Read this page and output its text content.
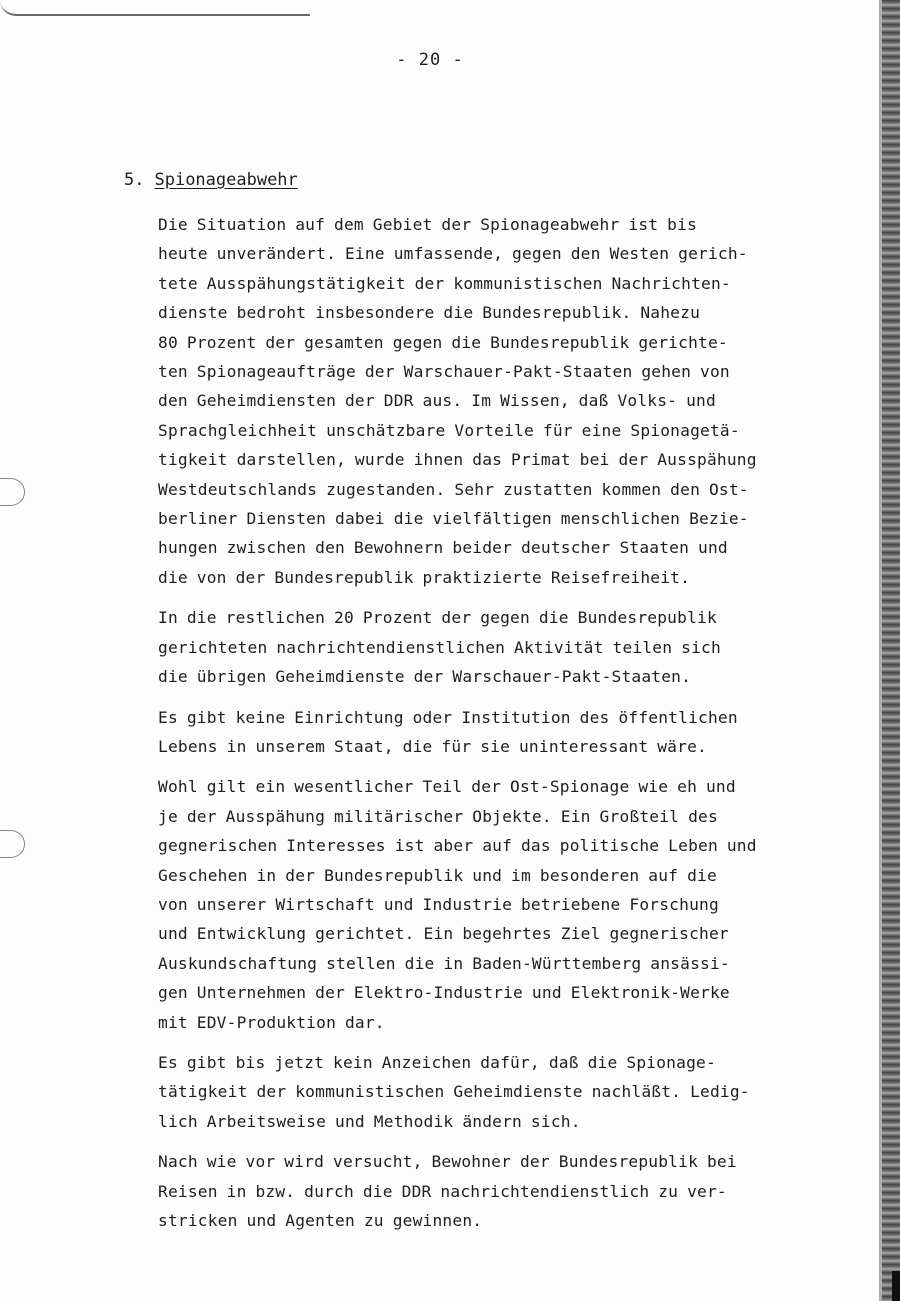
- 20 -
5. Spionageabwehr
Die Situation auf dem Gebiet der Spionageabwehr ist bis
heute unverändert. Eine umfassende, gegen den Westen gerich-
tete Ausspähungstätigkeit der kommunistischen Nachrichten-
dienste bedroht insbesondere die Bundesrepublik. Nahezu
80 Prozent der gesamten gegen die Bundesrepublik gerichte-
ten Spionageaufträge der Warschauer-Pakt-Staaten gehen von
den Geheimdiensten der DDR aus. Im Wissen, daß Volks- und
Sprachgleichheit unschätzbare Vorteile für eine Spionagetä-
tigkeit darstellen, wurde ihnen das Primat bei der Ausspähung
Westdeutschlands zugestanden. Sehr zustatten kommen den Ost-
berliner Diensten dabei die vielfältigen menschlichen Bezie-
hungen zwischen den Bewohnern beider deutscher Staaten und
die von der Bundesrepublik praktizierte Reisefreiheit.
In die restlichen 20 Prozent der gegen die Bundesrepublik
gerichteten nachrichtendienstlichen Aktivität teilen sich
die übrigen Geheimdienste der Warschauer-Pakt-Staaten.
Es gibt keine Einrichtung oder Institution des öffentlichen
Lebens in unserem Staat, die für sie uninteressant wäre.
Wohl gilt ein wesentlicher Teil der Ost-Spionage wie eh und
je der Ausspähung militärischer Objekte. Ein Großteil des
gegnerischen Interesses ist aber auf das politische Leben und
Geschehen in der Bundesrepublik und im besonderen auf die
von unserer Wirtschaft und Industrie betriebene Forschung
und Entwicklung gerichtet. Ein begehrtes Ziel gegnerischer
Auskundschaftung stellen die in Baden-Württemberg ansässi-
gen Unternehmen der Elektro-Industrie und Elektronik-Werke
mit EDV-Produktion dar.
Es gibt bis jetzt kein Anzeichen dafür, daß die Spionage-
tätigkeit der kommunistischen Geheimdienste nachläßt. Ledig-
lich Arbeitsweise und Methodik ändern sich.
Nach wie vor wird versucht, Bewohner der Bundesrepublik bei
Reisen in bzw. durch die DDR nachrichtendienstlich zu ver-
stricken und Agenten zu gewinnen.
